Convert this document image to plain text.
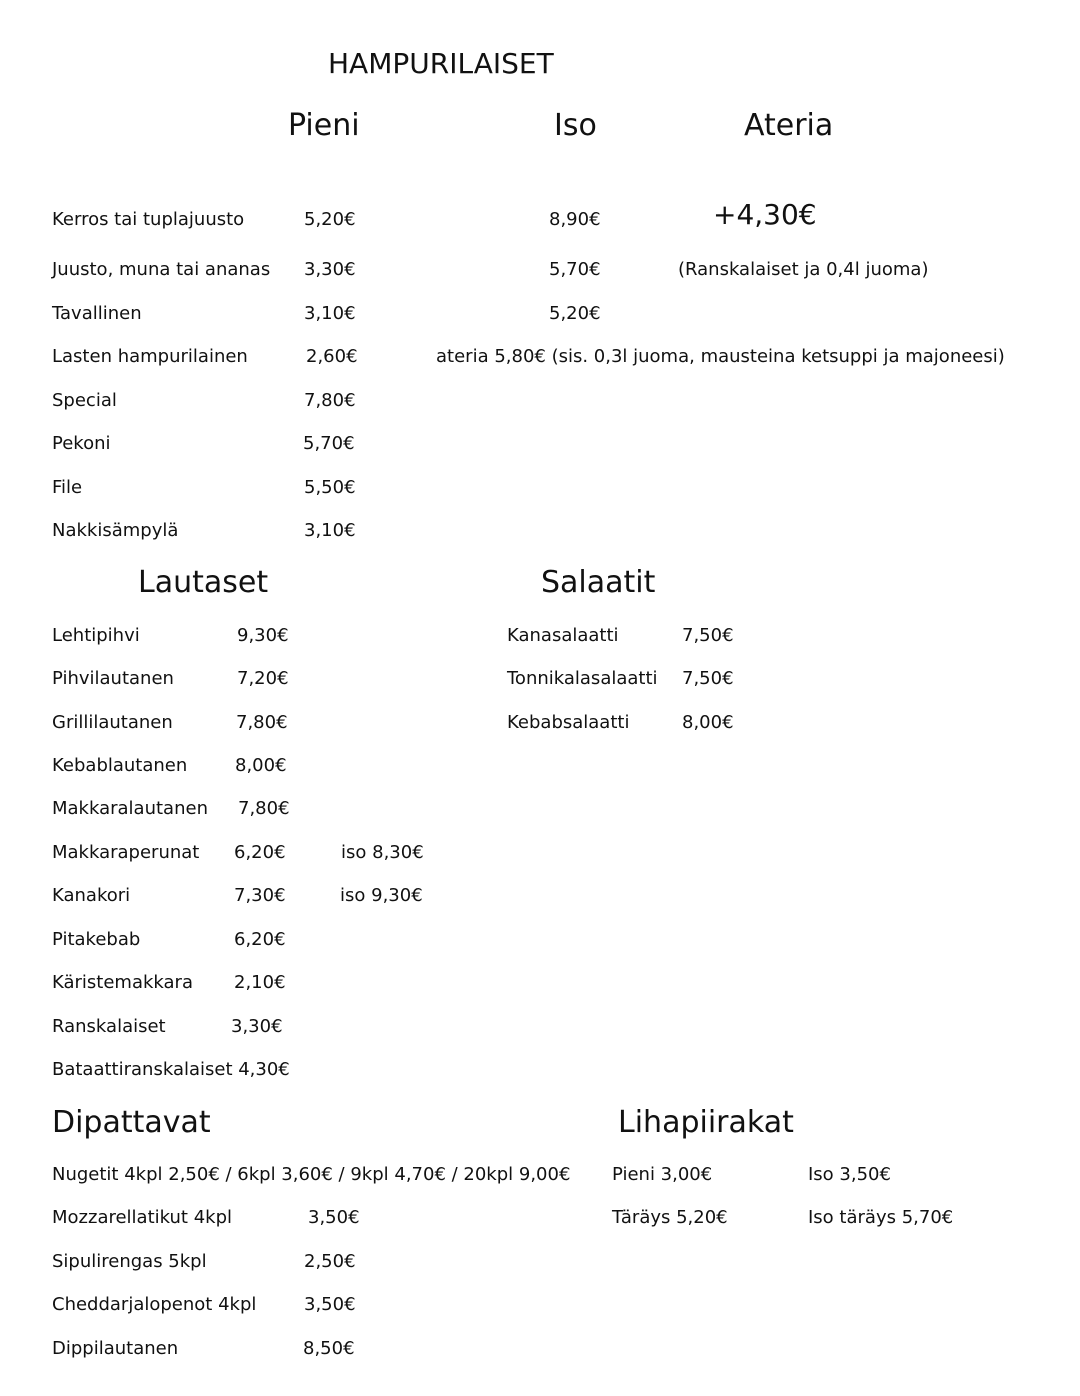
HAMPURILAISET
Pieni	Iso	Ateria
Kerros tai tuplajuusto	5,20€	8,90€	+4,30€
Juusto, muna tai ananas 3,30€	5,70€	(Ranskalaiset ja 0,4l juoma)
Tavallinen	3,10€	5,20€
Lasten hampurilainen	2,60€	ateria 5,80€ (sis. 0,3l juoma, mausteina ketsuppi ja majoneesi)
Special	7,80€
Pekoni	5,70€
File	5,50€
Nakkisämpylä	3,10€
Lautaset	Salaatit
Lehtipihvi	9,30€
Pihvilautanen	7,20€
Grillilautanen	7,80€
Kebablautanen	8,00€
Makkaralautanen 7,80€
Makkaraperunat 6,20€	iso 8,30€
Kanakori	7,30€	iso 9,30€
Pitakebab	6,20€
Käristemakkara 2,10€
Ranskalaiset	3,30€
Bataattiranskalaiset 4,30€
Kanasalaatti	7,50€
Tonnikalasalaatti 7,50€
Kebabsalaatti	8,00€
Dipattavat	Lihapiirakat
Nugetit 4kpl 2,50€ / 6kpl 3,60€ / 9kpl 4,70€ / 20kpl 9,00€
Mozzarellatikut 4kpl	3,50€
Sipulirengas 5kpl	2,50€
Cheddarjalopenot 4kpl	3,50€
Dippilautanen	8,50€
Pieni 3,00€	Iso 3,50€
Täräys 5,20€	Iso täräys 5,70€
